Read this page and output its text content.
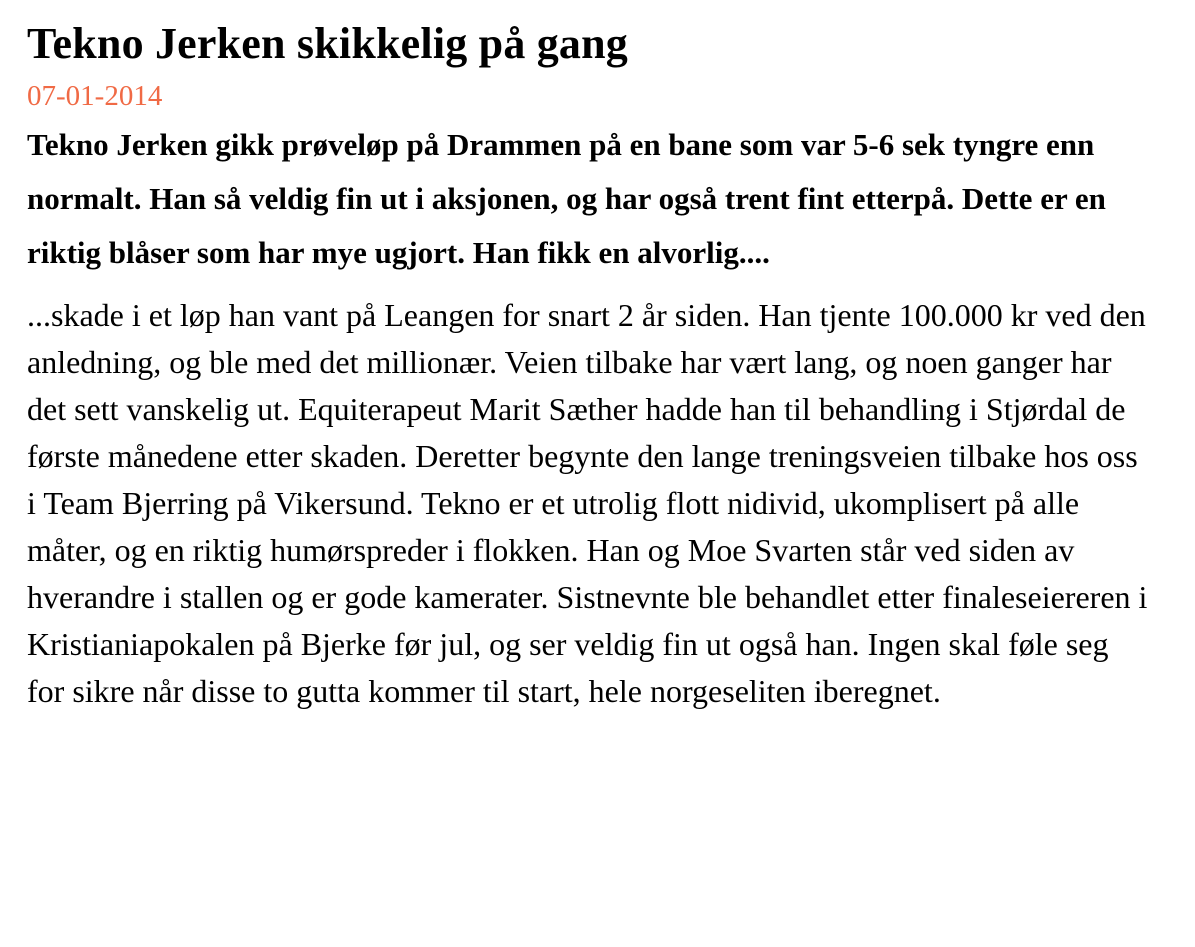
Tekno Jerken skikkelig på gang
07-01-2014

Tekno Jerken gikk prøveløp på Drammen på en bane som var 5-6 sek tyngre enn normalt. Han så veldig fin ut i aksjonen, og har også trent fint etterpå. Dette er en riktig blåser som har mye ugjort. Han fikk en alvorlig....

...skade i et løp han vant på Leangen for snart 2 år siden. Han tjente 100.000 kr ved den anledning, og ble med det millionær. Veien tilbake har vært lang, og noen ganger har det sett vanskelig ut. Equiterapeut Marit Sæther hadde han til behandling i Stjørdal de første månedene etter skaden. Deretter begynte den lange treningsveien tilbake hos oss i Team Bjerring på Vikersund. Tekno er et utrolig flott nidivid, ukomplisert på alle måter, og en riktig humørspreder i flokken. Han og Moe Svarten står ved siden av hverandre i stallen og er gode kamerater. Sistnevnte ble behandlet etter finaleseiereren i Kristianiapokalen på Bjerke før jul, og ser veldig fin ut også han. Ingen skal føle seg for sikre når disse to gutta kommer til start, hele norgeseliten iberegnet.
